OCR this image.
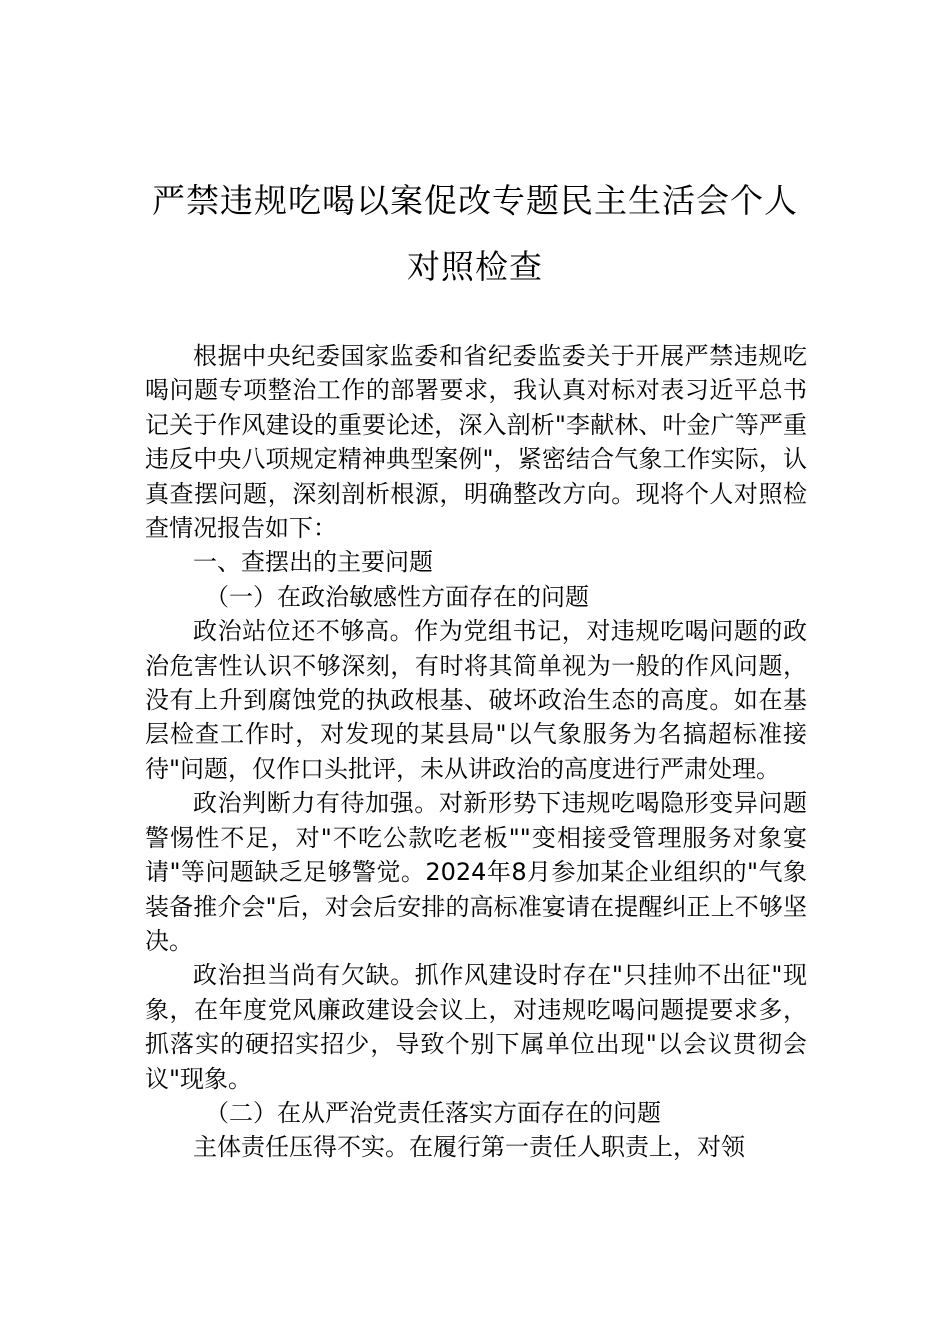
严禁违规吃喝以案促改专题民主生活会个人对照检查

根据中央纪委国家监委和省纪委监委关于开展严禁违规吃喝问题专项整治工作的部署要求，我认真对标对表习近平总书记关于作风建设的重要论述，深入剖析"李献林、叶金广等严重违反中央八项规定精神典型案例"，紧密结合气象工作实际，认真查摆问题，深刻剖析根源，明确整改方向。现将个人对照检查情况报告如下：

一、查摆出的主要问题

（一）在政治敏感性方面存在的问题

政治站位还不够高。作为党组书记，对违规吃喝问题的政治危害性认识不够深刻，有时将其简单视为一般的作风问题，没有上升到腐蚀党的执政根基、破坏政治生态的高度。如在基层检查工作时，对发现的某县局"以气象服务为名搞超标准接待"问题，仅作口头批评，未从讲政治的高度进行严肃处理。

政治判断力有待加强。对新形势下违规吃喝隐形变异问题警惕性不足，对"不吃公款吃老板""变相接受管理服务对象宴请"等问题缺乏足够警觉。2024年8月参加某企业组织的"气象装备推介会"后，对会后安排的高标准宴请在提醒纠正上不够坚决。

政治担当尚有欠缺。抓作风建设时存在"只挂帅不出征"现象，在年度党风廉政建设会议上，对违规吃喝问题提要求多，抓落实的硬招实招少，导致个别下属单位出现"以会议贯彻会议"现象。

（二）在从严治党责任落实方面存在的问题

主体责任压得不实。在履行第一责任人职责上，对领
